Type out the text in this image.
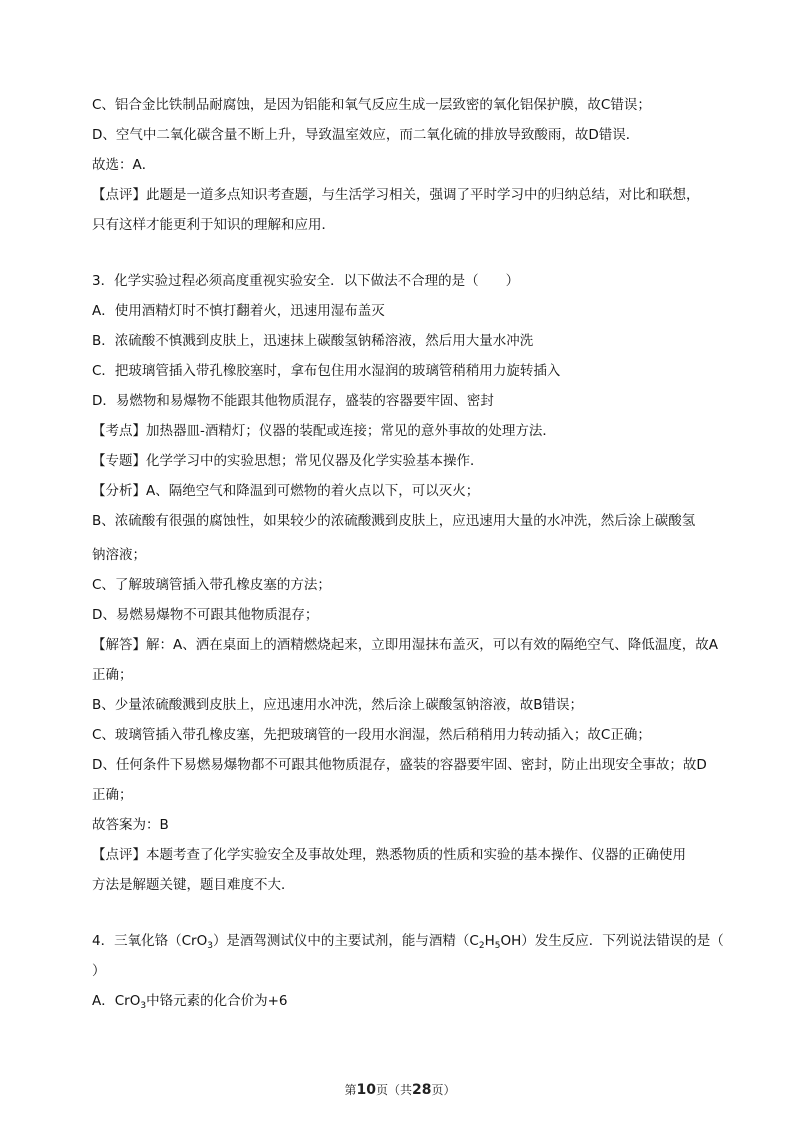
C、铝合金比铁制品耐腐蚀，是因为铝能和氧气反应生成一层致密的氧化铝保护膜，故C错误；

D、空气中二氧化碳含量不断上升，导致温室效应，而二氧化硫的排放导致酸雨，故D错误．

故选：A．

【点评】此题是一道多点知识考查题，与生活学习相关，强调了平时学习中的归纳总结，对比和联想，

只有这样才能更利于知识的理解和应用．

3．化学实验过程必须高度重视实验安全．以下做法不合理的是（　　）

A．使用酒精灯时不慎打翻着火，迅速用湿布盖灭

B．浓硫酸不慎溅到皮肤上，迅速抹上碳酸氢钠稀溶液，然后用大量水冲洗

C．把玻璃管插入带孔橡胶塞时，拿布包住用水湿润的玻璃管稍稍用力旋转插入

D．易燃物和易爆物不能跟其他物质混存，盛装的容器要牢固、密封

【考点】加热器皿-酒精灯；仪器的装配或连接；常见的意外事故的处理方法．

【专题】化学学习中的实验思想；常见仪器及化学实验基本操作．

【分析】A、隔绝空气和降温到可燃物的着火点以下，可以灭火；

B、浓硫酸有很强的腐蚀性，如果较少的浓硫酸溅到皮肤上，应迅速用大量的水冲洗，然后涂上碳酸氢

钠溶液；

C、了解玻璃管插入带孔橡皮塞的方法；

D、易燃易爆物不可跟其他物质混存；

【解答】解：A、洒在桌面上的酒精燃烧起来，立即用湿抹布盖灭，可以有效的隔绝空气、降低温度，故A

正确；

B、少量浓硫酸溅到皮肤上，应迅速用水冲洗，然后涂上碳酸氢钠溶液，故B错误；

C、玻璃管插入带孔橡皮塞，先把玻璃管的一段用水润湿，然后稍稍用力转动插入；故C正确；

D、任何条件下易燃易爆物都不可跟其他物质混存，盛装的容器要牢固、密封，防止出现安全事故；故D

正确；

故答案为：B

【点评】本题考查了化学实验安全及事故处理，熟悉物质的性质和实验的基本操作、仪器的正确使用

方法是解题关键，题目难度不大．

4．三氧化铬（CrO$_3$）是酒驾测试仪中的主要试剂，能与酒精$(C_2H_5OH)$发生反应．下列说法错误的是（

）

A．CrO$_3$中铬元素的化合价为+6

第10页（共28页）
